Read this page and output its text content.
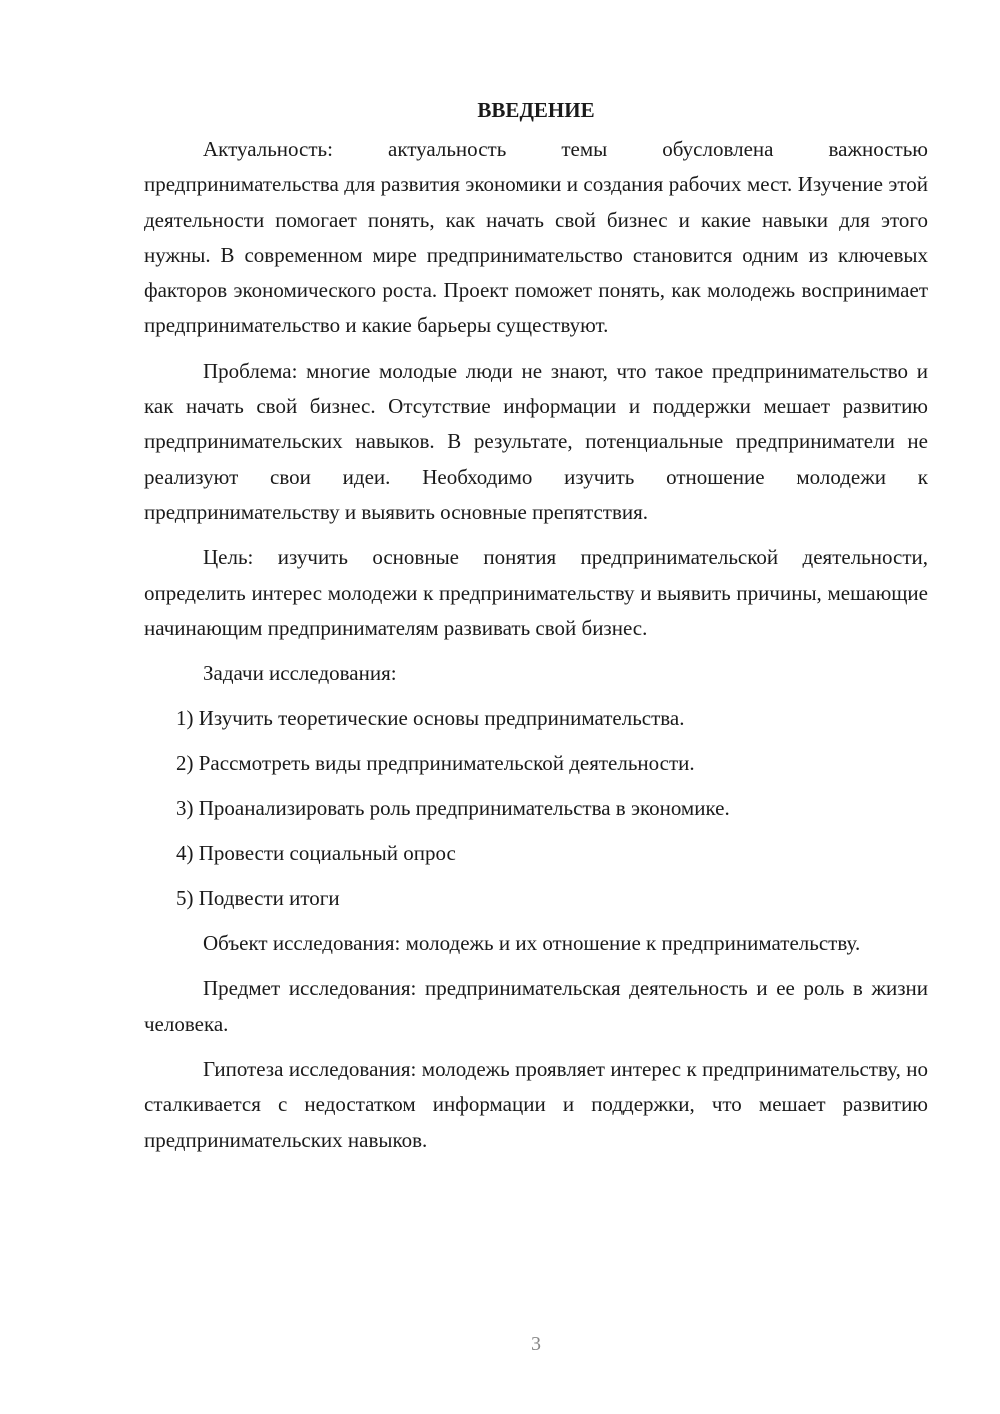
ВВЕДЕНИЕ

Актуальность: актуальность темы обусловлена важностью предпринимательства для развития экономики и создания рабочих мест. Изучение этой деятельности помогает понять, как начать свой бизнес и какие навыки для этого нужны. В современном мире предпринимательство становится одним из ключевых факторов экономического роста. Проект поможет понять, как молодежь воспринимает предпринимательство и какие барьеры существуют.

Проблема: многие молодые люди не знают, что такое предпринимательство и как начать свой бизнес. Отсутствие информации и поддержки мешает развитию предпринимательских навыков. В результате, потенциальные предприниматели не реализуют свои идеи. Необходимо изучить отношение молодежи к предпринимательству и выявить основные препятствия.

Цель: изучить основные понятия предпринимательской деятельности, определить интерес молодежи к предпринимательству и выявить причины, мешающие начинающим предпринимателям развивать свой бизнес.

Задачи исследования:

1) Изучить теоретические основы предпринимательства.
2) Рассмотреть виды предпринимательской деятельности.
3) Проанализировать роль предпринимательства в экономике.
4) Провести социальный опрос
5) Подвести итоги

Объект исследования: молодежь и их отношение к предпринимательству.

Предмет исследования: предпринимательская деятельность и ее роль в жизни человека.

Гипотеза исследования: молодежь проявляет интерес к предпринимательству, но сталкивается с недостатком информации и поддержки, что мешает развитию предпринимательских навыков.

3
